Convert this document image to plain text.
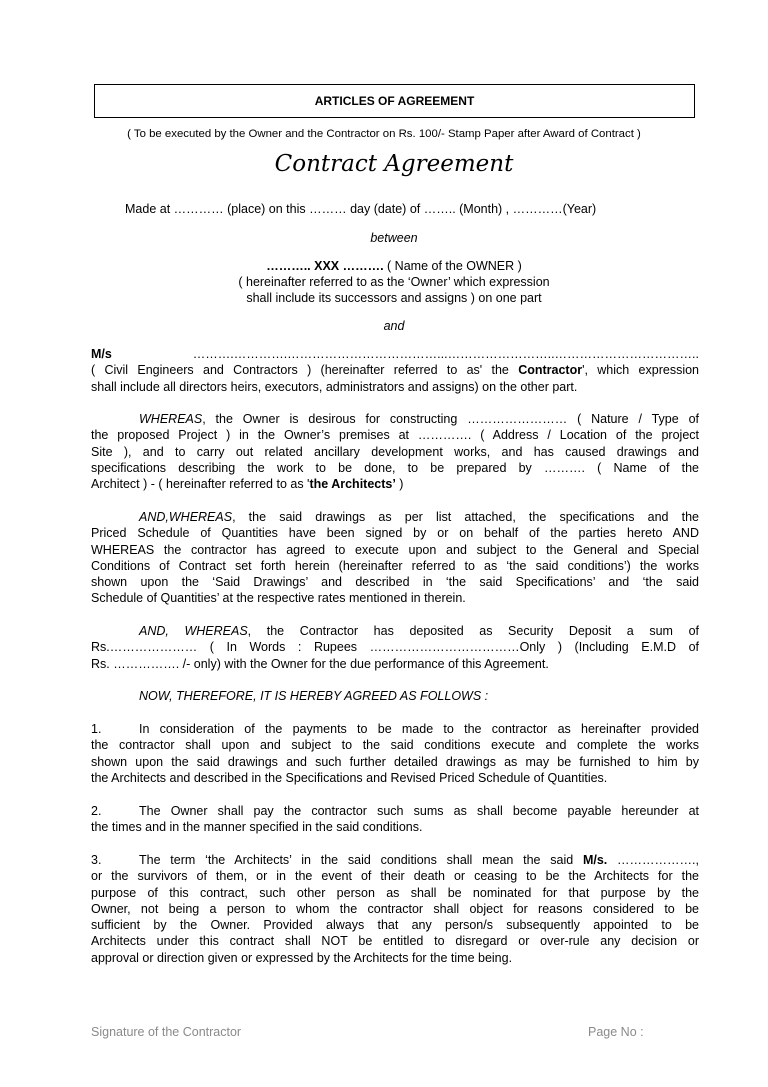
ARTICLES OF AGREEMENT
( To be executed by the Owner and the Contractor on Rs. 100/- Stamp Paper after Award of Contract )
Contract Agreement
Made at ………… (place) on this ……… day (date) of …….. (Month) , …………(Year)
between
……….. XXX ………. ( Name of the OWNER )
( hereinafter referred to as the ‘Owner’ which expression
shall include its successors and assigns ) on one part
and
M/s ……….………….………………………………...……………………..……………………………..
( Civil Engineers and Contractors ) (hereinafter referred to as' the Contractor', which expression
shall include all directors heirs, executors, administrators and assigns) on the other part.
WHEREAS, the Owner is desirous for constructing …………………… ( Nature / Type of
the proposed Project ) in the Owner’s premises at …………. ( Address / Location of the project
Site ), and to carry out related ancillary development works, and has caused drawings and
specifications describing the work to be done, to be prepared by ………. ( Name of the
Architect ) - ( hereinafter referred to as 'the Architects’ )
AND,WHEREAS, the said drawings as per list attached, the specifications and the
Priced Schedule of Quantities have been signed by or on behalf of the parties hereto AND
WHEREAS the contractor has agreed to execute upon and subject to the General and Special
Conditions of Contract set forth herein (hereinafter referred to as ‘the said conditions’) the works
shown upon the ‘Said Drawings’ and described in ‘the said Specifications’ and ‘the said
Schedule of Quantities’ at the respective rates mentioned in therein.
AND, WHEREAS, the Contractor has deposited as Security Deposit a sum of
Rs.………………… ( In Words : Rupees ………………………………Only ) (Including E.M.D of
Rs. ……………. /- only) with the Owner for the due performance of this Agreement.
NOW, THEREFORE, IT IS HEREBY AGREED AS FOLLOWS :
1.	In consideration of the payments to be made to the contractor as hereinafter provided
the contractor shall upon and subject to the said conditions execute and complete the works
shown upon the said drawings and such further detailed drawings as may be furnished to him by
the Architects and described in the Specifications and Revised Priced Schedule of Quantities.
2.	The Owner shall pay the contractor such sums as shall become payable hereunder at
the times and in the manner specified in the said conditions.
3.	The term ‘the Architects’ in the said conditions shall mean the said M/s. ……………….,
or the survivors of them, or in the event of their death or ceasing to be the Architects for the
purpose of this contract, such other person as shall be nominated for that purpose by the
Owner, not being a person to whom the contractor shall object for reasons considered to be
sufficient by the Owner. Provided always that any person/s subsequently appointed to be
Architects under this contract shall NOT be entitled to disregard or over-rule any decision or
approval or direction given or expressed by the Architects for the time being.
Signature of the Contractor	Page No :
